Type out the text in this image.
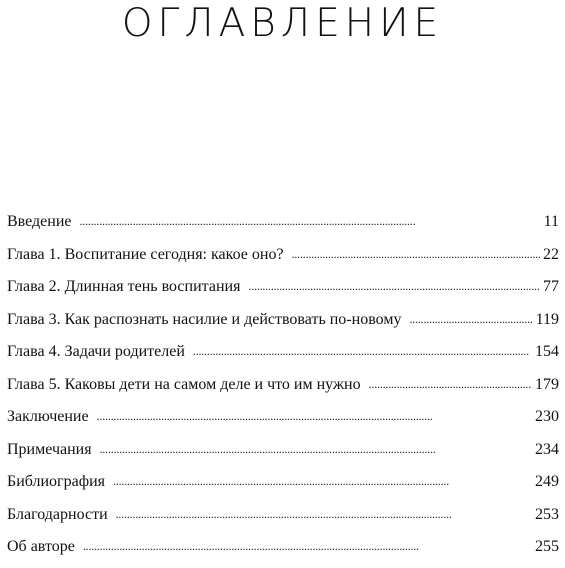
ОГЛАВЛЕНИЕ
Введение . . .	11
Глава 1. Воспитание сегодня: какое оно? . . .	22
Глава 2. Длинная тень воспитания . . .	77
Глава 3. Как распознать насилие и действовать по-новому . . .	119
Глава 4. Задачи родителей . . .	154
Глава 5. Каковы дети на самом деле и что им нужно . . .	179
Заключение . . .	230
Примечания . . .	234
Библиография . . .	249
Благодарности . . .	253
Об авторе . . .	255
